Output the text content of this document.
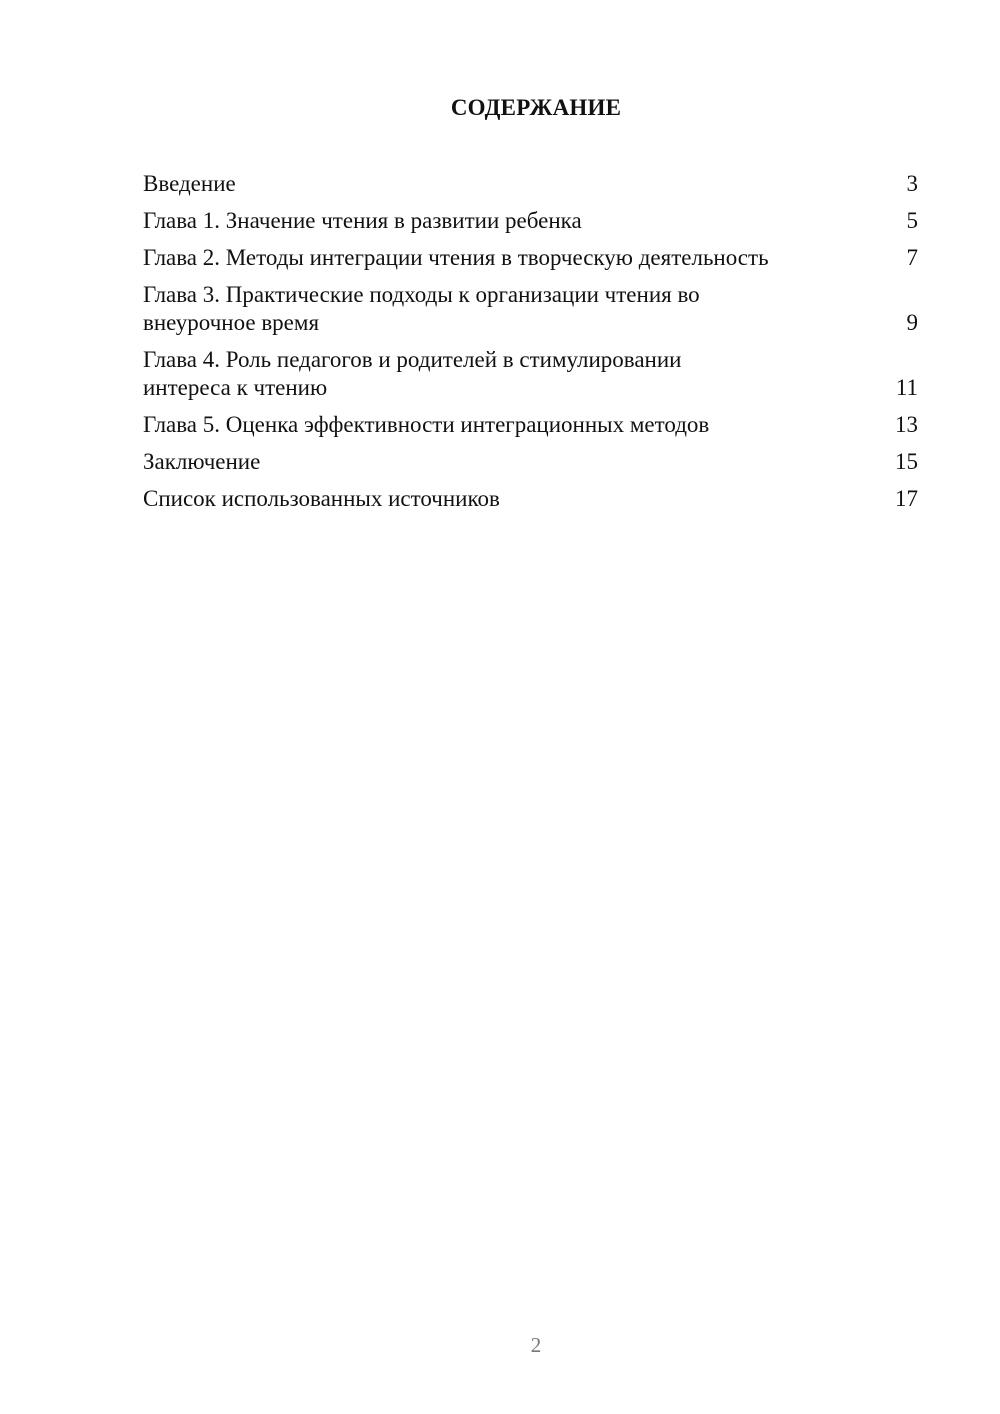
СОДЕРЖАНИЕ
Введение	3
Глава 1. Значение чтения в развитии ребенка	5
Глава 2. Методы интеграции чтения в творческую деятельность	7
Глава 3. Практические подходы к организации чтения во внеурочное время	9
Глава 4. Роль педагогов и родителей в стимулировании интереса к чтению	11
Глава 5. Оценка эффективности интеграционных методов	13
Заключение	15
Список использованных источников	17
2
